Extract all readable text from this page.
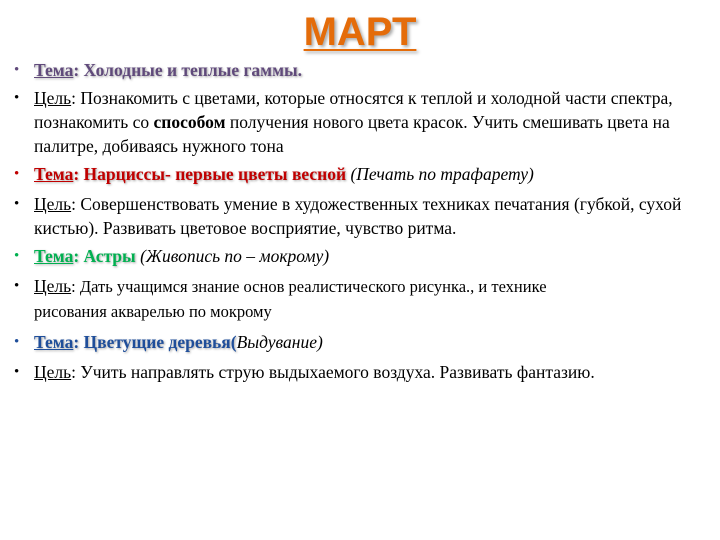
МАРТ
• Тема: Холодные и теплые гаммы.
• Цель: Познакомить с цветами, которые относятся к теплой и холодной части спектра, познакомить со способом получения нового цвета красок. Учить смешивать цвета на палитре, добиваясь нужного тона
• Тема: Нарциссы- первые цветы весной (Печать по трафарету)
• Цель: Совершенствовать умение в художественных техниках печатания (губкой, сухой кистью). Развивать цветовое восприятие, чувство ритма.
• Тема: Астры (Живопись по – мокрому)
• Цель: Дать учащимся знание основ реалистического рисунка., и технике
рисования акварелью по мокрому
• Тема: Цветущие деревья(Выдувание)
• Цель: Учить направлять струю выдыхаемого воздуха. Развивать фантазию.
